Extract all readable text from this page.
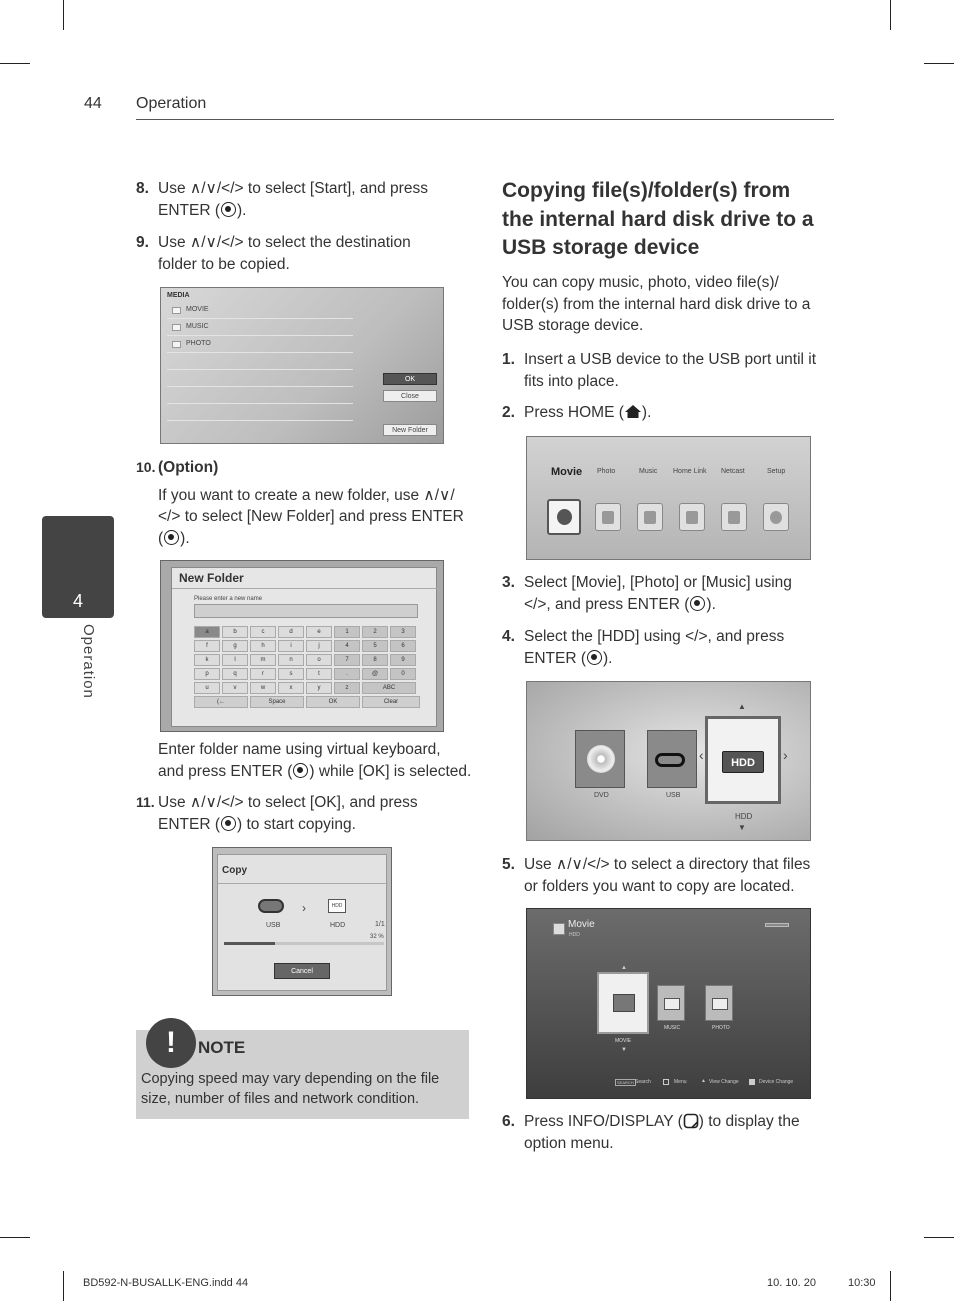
44 Operation
4
Operation
8. Use ∧/∨/</> to select [Start], and press
ENTER ( ).
9. Use ∧/∨/</> to select the destination
folder to be copied.
MEDIA
MOVIE
MUSIC
PHOTO
OK
Close
New Folder
10. (Option)
If you want to create a new folder, use ∧/∨/
</> to select [New Folder] and press ENTER
( ).
New Folder
Please enter a new name
a	b	c	d	e	1	2	3
f	g	h	i	j	4	5	6
k	l	m	n	o	7	8	9
p	q	r	s	t	.	@	0
u	v	w	x	y	z	ABC
(←	Space	OK	Clear
Enter folder name using virtual keyboard,
and press ENTER ( ) while [OK] is selected.
11. Use ∧/∨/</> to select [OK], and press
ENTER ( ) to start copying.
Copy
USB
›	HDD
HDD	1/1
32 %
Cancel
!	NOTE
Copying speed may vary depending on the file
size, number of files and network condition.
Copying file(s)/folder(s) from
the internal hard disk drive to a
USB storage device
You can copy music, photo, video file(s)/
folder(s) from the internal hard disk drive to a
USB storage device.
1. Insert a USB device to the USB port until it
fits into place.
2. Press HOME ( ).
Movie Photo	Music Home Link Netcast	Setup
3. Select [Movie], [Photo] or [Music] using
</>, and press ENTER ( ).
4. Select the [HDD] using </>, and press
ENTER ( ).
DVD	USB
‹	HDD	›
▲
HDD
▼
5. Use ∧/∨/</> to select a directory that files
or folders you want to copy are located.
Movie
HDD
▲
MOVIE
▼
MUSIC	PHOTO
SEARCH Search	Menu	▲ View Change	Device Change
6. Press INFO/DISPLAY ( ) to display the
option menu.
BD592-N-BUSALLK-ENG.indd 44	10. 10. 20	10:30
